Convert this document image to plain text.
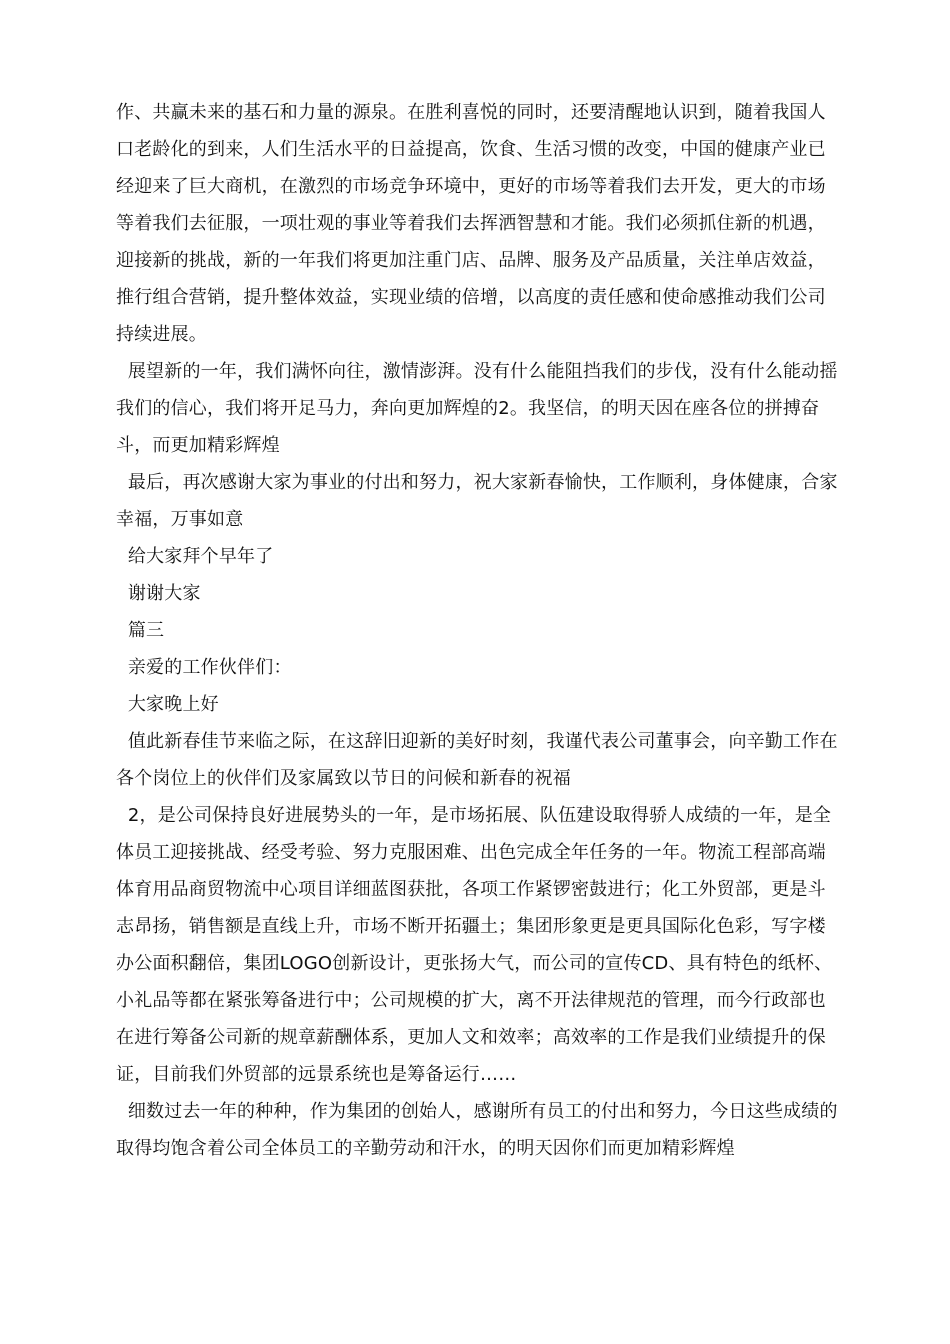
作、共赢未来的基石和力量的源泉。在胜利喜悦的同时，还要清醒地认识到，随着我国人口老龄化的到来，人们生活水平的日益提高，饮食、生活习惯的改变，中国的健康产业已经迎来了巨大商机，在激烈的市场竞争环境中，更好的市场等着我们去开发，更大的市场等着我们去征服，一项壮观的事业等着我们去挥洒智慧和才能。我们必须抓住新的机遇，迎接新的挑战，新的一年我们将更加注重门店、品牌、服务及产品质量，关注单店效益，推行组合营销，提升整体效益，实现业绩的倍增，以高度的责任感和使命感推动我们公司持续进展。

展望新的一年，我们满怀向往，激情澎湃。没有什么能阻挡我们的步伐，没有什么能动摇我们的信心，我们将开足马力，奔向更加辉煌的2。我坚信，的明天因在座各位的拼搏奋斗，而更加精彩辉煌

最后，再次感谢大家为事业的付出和努力，祝大家新春愉快，工作顺利，身体健康，合家幸福，万事如意

给大家拜个早年了

谢谢大家

篇三

亲爱的工作伙伴们：

大家晚上好

值此新春佳节来临之际，在这辞旧迎新的美好时刻，我谨代表公司董事会，向辛勤工作在各个岗位上的伙伴们及家属致以节日的问候和新春的祝福

2，是公司保持良好进展势头的一年，是市场拓展、队伍建设取得骄人成绩的一年，是全体员工迎接挑战、经受考验、努力克服困难、出色完成全年任务的一年。物流工程部高端体育用品商贸物流中心项目详细蓝图获批，各项工作紧锣密鼓进行；化工外贸部，更是斗志昂扬，销售额是直线上升，市场不断开拓疆土；集团形象更是更具国际化色彩，写字楼办公面积翻倍，集团LOGO创新设计，更张扬大气，而公司的宣传CD、具有特色的纸杯、小礼品等都在紧张筹备进行中；公司规模的扩大，离不开法律规范的管理，而今行政部也在进行筹备公司新的规章薪酬体系，更加人文和效率；高效率的工作是我们业绩提升的保证，目前我们外贸部的远景系统也是筹备运行……

细数过去一年的种种，作为集团的创始人，感谢所有员工的付出和努力，今日这些成绩的取得均饱含着公司全体员工的辛勤劳动和汗水，的明天因你们而更加精彩辉煌
